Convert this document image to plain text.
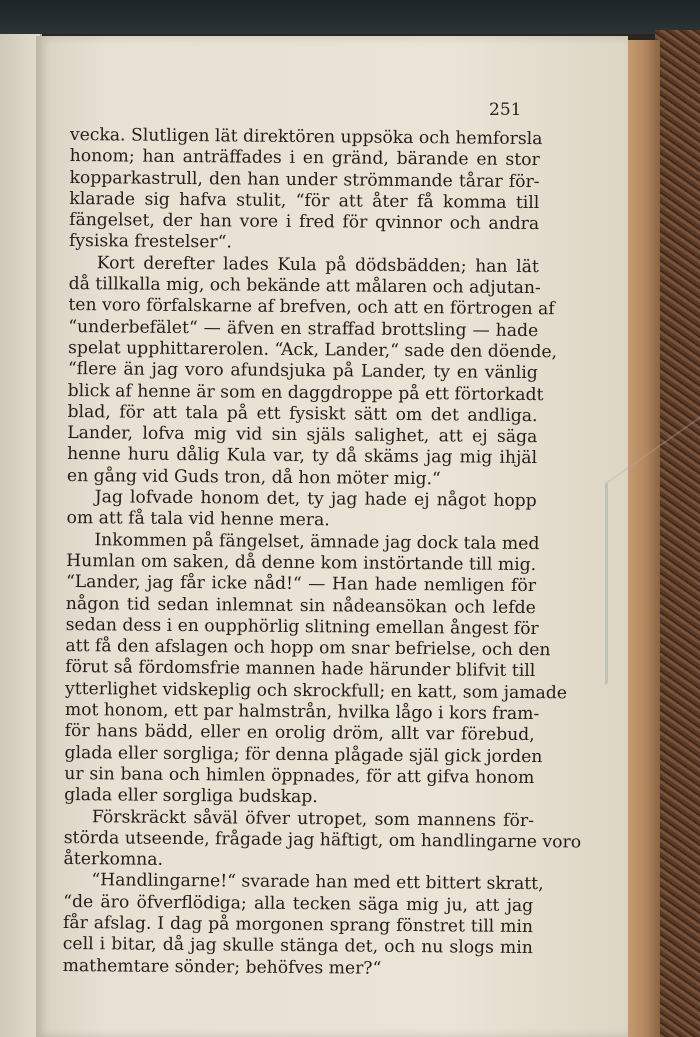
251

vecka. Slutligen lät direktören uppsöka och hemforsla
honom; han anträffades i en gränd, bärande en stor
kopparkastrull, den han under strömmande tårar för-
klarade sig hafva stulit, “för att åter få komma till
fängelset, der han vore i fred för qvinnor och andra
fysiska frestelser“.
Kort derefter lades Kula på dödsbädden; han lät
då tillkalla mig, och bekände att målaren och adjutan-
ten voro förfalskarne af brefven, och att en förtrogen af
“underbefälet“ — äfven en straffad brottsling — hade
spelat upphittarerolen. “Ack, Lander,“ sade den döende,
“flere än jag voro afundsjuka på Lander, ty en vänlig
blick af henne är som en daggdroppe på ett förtorkadt
blad, för att tala på ett fysiskt sätt om det andliga.
Lander, lofva mig vid sin själs salighet, att ej säga
henne huru dålig Kula var, ty då skäms jag mig ihjäl
en gång vid Guds tron, då hon möter mig.“
Jag lofvade honom det, ty jag hade ej något hopp
om att få tala vid henne mera.
Inkommen på fängelset, ämnade jag dock tala med
Humlan om saken, då denne kom instörtande till mig.
“Lander, jag får icke nåd!“ — Han hade nemligen för
någon tid sedan inlemnat sin nådeansökan och lefde
sedan dess i en oupphörlig slitning emellan ångest för
att få den afslagen och hopp om snar befrielse, och den
förut så fördomsfrie mannen hade härunder blifvit till
ytterlighet vidskeplig och skrockfull; en katt, som jamade
mot honom, ett par halmstrån, hvilka lågo i kors fram-
för hans bädd, eller en orolig dröm, allt var förebud,
glada eller sorgliga; för denna plågade själ gick jorden
ur sin bana och himlen öppnades, för att gifva honom
glada eller sorgliga budskap.
Förskräckt såväl öfver utropet, som mannens för-
störda utseende, frågade jag häftigt, om handlingarne voro
återkomna.
“Handlingarne!“ svarade han med ett bittert skratt,
“de äro öfverflödiga; alla tecken säga mig ju, att jag
får afslag. I dag på morgonen sprang fönstret till min
cell i bitar, då jag skulle stänga det, och nu slogs min
mathemtare sönder; behöfves mer?“
